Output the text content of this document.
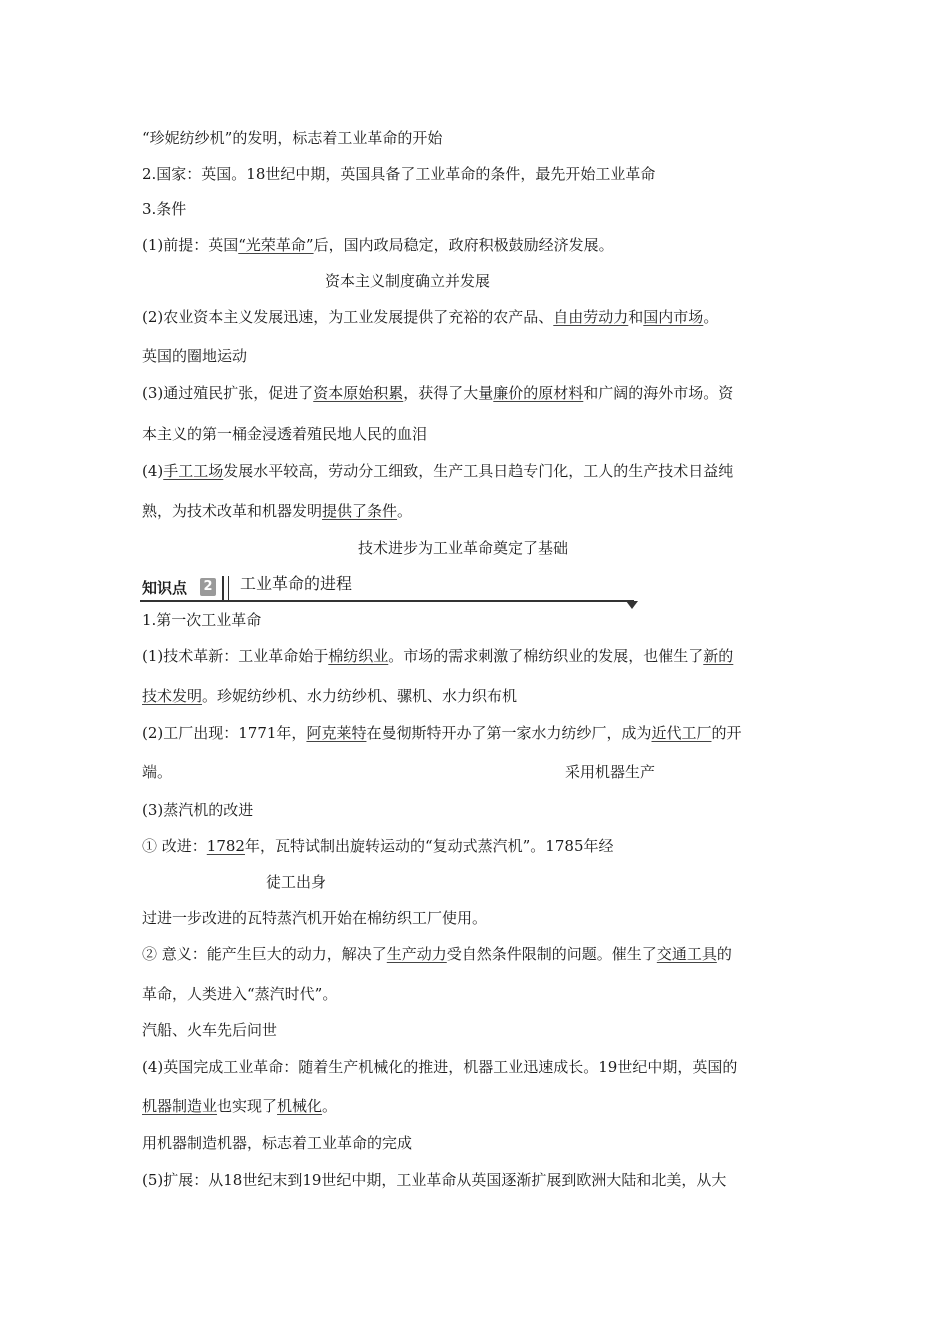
“珍妮纺纱机”的发明，标志着工业革命的开始
2.国家：英国。18世纪中期，英国具备了工业革命的条件，最先开始工业革命
3.条件
(1)前提：英国“光荣革命”后，国内政局稳定，政府积极鼓励经济发展。
资本主义制度确立并发展
(2)农业资本主义发展迅速，为工业发展提供了充裕的农产品、自由劳动力和国内市场。
英国的圈地运动
(3)通过殖民扩张，促进了资本原始积累，获得了大量廉价的原材料和广阔的海外市场。资
本主义的第一桶金浸透着殖民地人民的血泪
(4)手工工场发展水平较高，劳动分工细致，生产工具日趋专门化，工人的生产技术日益纯
熟，为技术改革和机器发明提供了条件。
技术进步为工业革命奠定了基础
知识点 2 工业革命的进程
1.第一次工业革命
(1)技术革新：工业革命始于棉纺织业。市场的需求刺激了棉纺织业的发展，也催生了新的
技术发明。珍妮纺纱机、水力纺纱机、骡机、水力织布机
(2)工厂出现：1771年，阿克莱特在曼彻斯特开办了第一家水力纺纱厂，成为近代工厂的开
端。	采用机器生产
(3)蒸汽机的改进
① 改进：1782年，瓦特试制出旋转运动的“复动式蒸汽机”。1785年经
徒工出身
过进一步改进的瓦特蒸汽机开始在棉纺织工厂使用。
② 意义：能产生巨大的动力，解决了生产动力受自然条件限制的问题。催生了交通工具的
革命，人类进入“蒸汽时代”。
汽船、火车先后问世
(4)英国完成工业革命：随着生产机械化的推进，机器工业迅速成长。19世纪中期，英国的
机器制造业也实现了机械化。
用机器制造机器，标志着工业革命的完成
(5)扩展：从18世纪末到19世纪中期，工业革命从英国逐渐扩展到欧洲大陆和北美，从大
